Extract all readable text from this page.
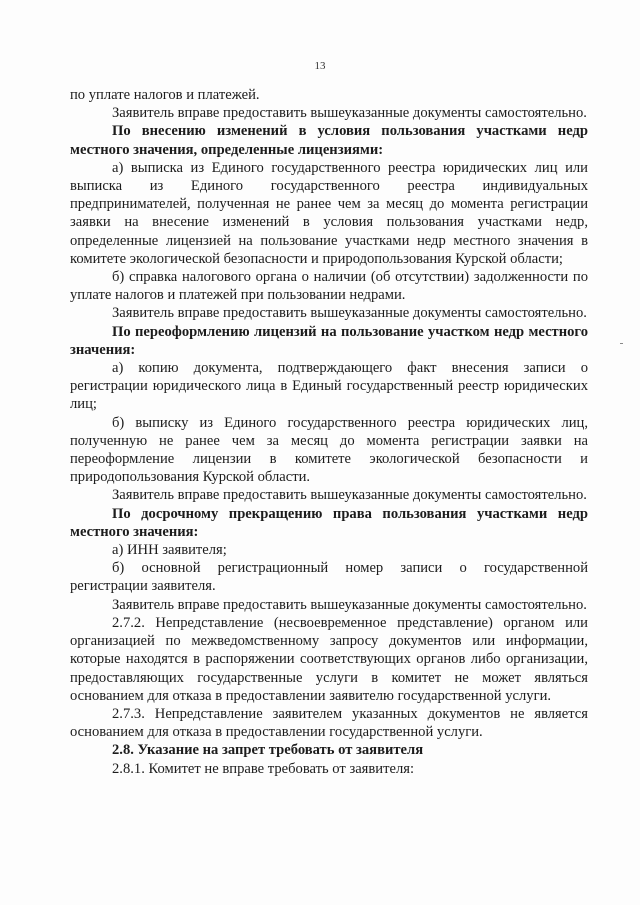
13

по уплате налогов и платежей.

Заявитель вправе предоставить вышеуказанные документы самостоятельно.

По внесению изменений в условия пользования участками недр местного значения, определенные лицензиями:

а) выписка из Единого государственного реестра юридических лиц или выписка из Единого государственного реестра индивидуальных предпринимателей, полученная не ранее чем за месяц до момента регистрации заявки на внесение изменений в условия пользования участками недр, определенные лицензией на пользование участками недр местного значения в комитете экологической безопасности и природопользования Курской области;

б) справка налогового органа о наличии (об отсутствии) задолженности по уплате налогов и платежей при пользовании недрами.

Заявитель вправе предоставить вышеуказанные документы самостоятельно.

По переоформлению лицензий на пользование участком недр местного значения:

а) копию документа, подтверждающего факт внесения записи о регистрации юридического лица в Единый государственный реестр юридических лиц;

б) выписку из Единого государственного реестра юридических лиц, полученную не ранее чем за месяц до момента регистрации заявки на переоформление лицензии в комитете экологической безопасности и природопользования Курской области.

Заявитель вправе предоставить вышеуказанные документы самостоятельно.

По досрочному прекращению права пользования участками недр местного значения:

а) ИНН заявителя;

б) основной регистрационный номер записи о государственной регистрации заявителя.

Заявитель вправе предоставить вышеуказанные документы самостоятельно.

2.7.2. Непредставление (несвоевременное представление) органом или организацией по межведомственному запросу документов или информации, которые находятся в распоряжении соответствующих органов либо организации, предоставляющих государственные услуги в комитет не может являться основанием для отказа в предоставлении заявителю государственной услуги.

2.7.3. Непредставление заявителем указанных документов не является основанием для отказа в предоставлении государственной услуги.

2.8. Указание на запрет требовать от заявителя

2.8.1. Комитет не вправе требовать от заявителя:
